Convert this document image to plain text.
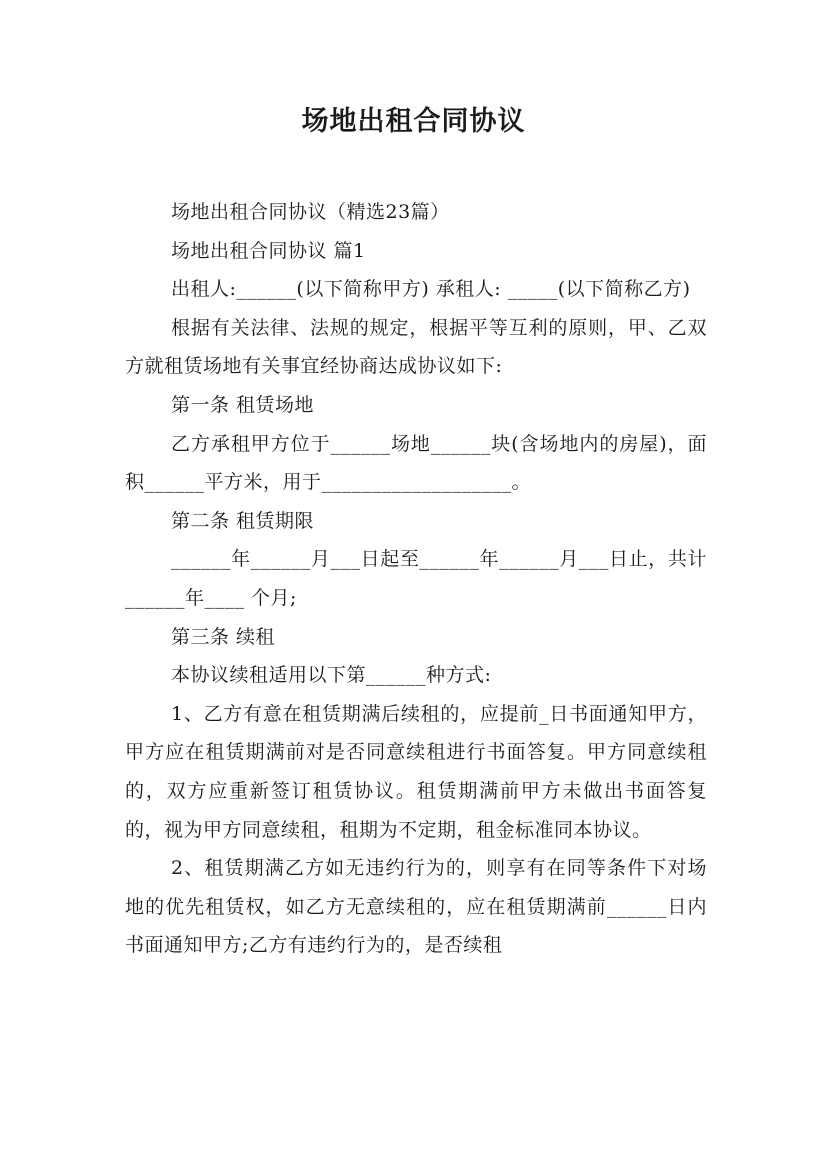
场地出租合同协议

场地出租合同协议（精选23篇）

场地出租合同协议 篇1

出租人:______(以下简称甲方) 承租人: _____(以下简称乙方)

根据有关法律、法规的规定，根据平等互利的原则，甲、乙双方就租赁场地有关事宜经协商达成协议如下:

第一条 租赁场地

乙方承租甲方位于______场地______块(含场地内的房屋)，面积______平方米，用于___________________。

第二条 租赁期限

______年______月___日起至______年______月___日止，共计______年____ 个月;

第三条 续租

本协议续租适用以下第______种方式:

1、乙方有意在租赁期满后续租的，应提前_日书面通知甲方，甲方应在租赁期满前对是否同意续租进行书面答复。甲方同意续租的，双方应重新签订租赁协议。租赁期满前甲方未做出书面答复的，视为甲方同意续租，租期为不定期，租金标准同本协议。

2、租赁期满乙方如无违约行为的，则享有在同等条件下对场地的优先租赁权，如乙方无意续租的，应在租赁期满前______日内书面通知甲方;乙方有违约行为的，是否续租
